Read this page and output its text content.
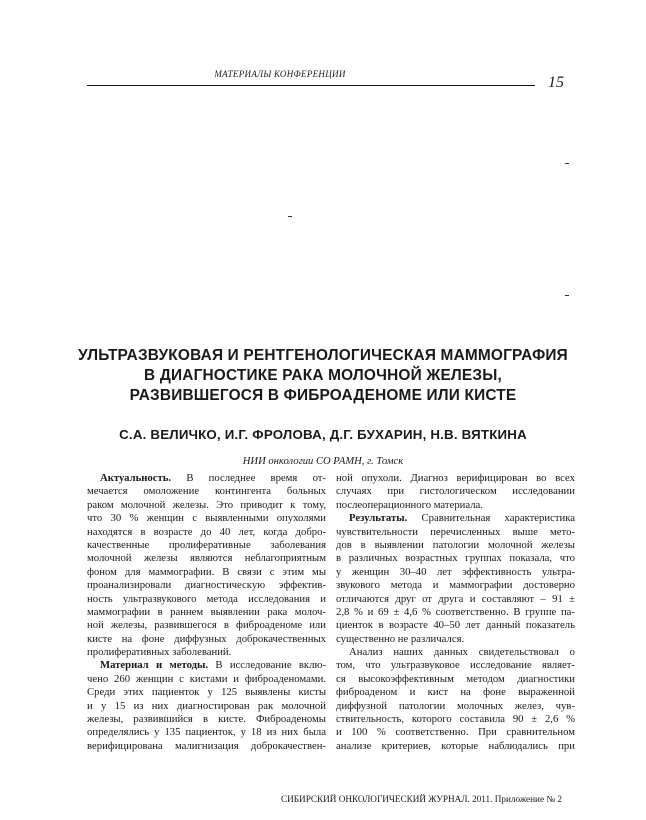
МАТЕРИАЛЫ КОНФЕРЕНЦИИ	15
УЛЬТРАЗВУКОВАЯ И РЕНТГЕНОЛОГИЧЕСКАЯ МАММОГРАФИЯ
В ДИАГНОСТИКЕ РАКА МОЛОЧНОЙ ЖЕЛЕЗЫ,
РАЗВИВШЕГОСЯ В ФИБРОАДЕНОМЕ ИЛИ КИСТЕ
С.А. ВЕЛИЧКО, И.Г. ФРОЛОВА, Д.Г. БУХАРИН, Н.В. ВЯТКИНА
НИИ онкологии СО РАМН, г. Томск
Актуальность. В последнее время от-
мечается омоложение контингента больных
раком молочной железы. Это приводит к тому,
что 30 % женщин с выявленными опухолями
находятся в возрасте до 40 лет, когда добро-
качественные пролиферативные заболевания
молочной железы являются неблагоприятным
фоном для маммографии. В связи с этим мы
проанализировали диагностическую эффектив-
ность ультразвукового метода исследования и
маммографии в раннем выявлении рака молоч-
ной железы, развившегося в фиброаденоме или
кисте на фоне диффузных доброкачественных
пролиферативных заболеваний.
Материал и методы. В исследование вклю-
чено 260 женщин с кистами и фиброаденомами.
Среди этих пациенток у 125 выявлены кисты
и у 15 из них диагностирован рак молочной
железы, развившийся в кисте. Фиброаденомы
определялись у 135 пациенток, у 18 из них была
верифицирована малигнизация доброкачествен-
ной опухоли. Диагноз верифицирован во всех
случаях при гистологическом исследовании
послеоперационного материала.
Результаты. Сравнительная характеристика
чувствительности перечисленных выше мето-
дов в выявлении патологии молочной железы
в различных возрастных группах показала, что
у женщин 30–40 лет эффективность ультра-
звукового метода и маммографии достоверно
отличаются друг от друга и составляют – 91 ±
2,8 % и 69 ± 4,6 % соответственно. В группе па-
циенток в возрасте 40–50 лет данный показатель
существенно не различался.
Анализ наших данных свидетельствовал о
том, что ультразвуковое исследование являет-
ся высокоэффективным методом диагностики
фиброаденом и кист на фоне выраженной
диффузной патологии молочных желез, чув-
ствительность, которого составила 90 ± 2,6 %
и 100 % соответственно. При сравнительном
анализе критериев, которые наблюдались при
СИБИРСКИЙ ОНКОЛОГИЧЕСКИЙ ЖУРНАЛ. 2011. Приложение № 2
